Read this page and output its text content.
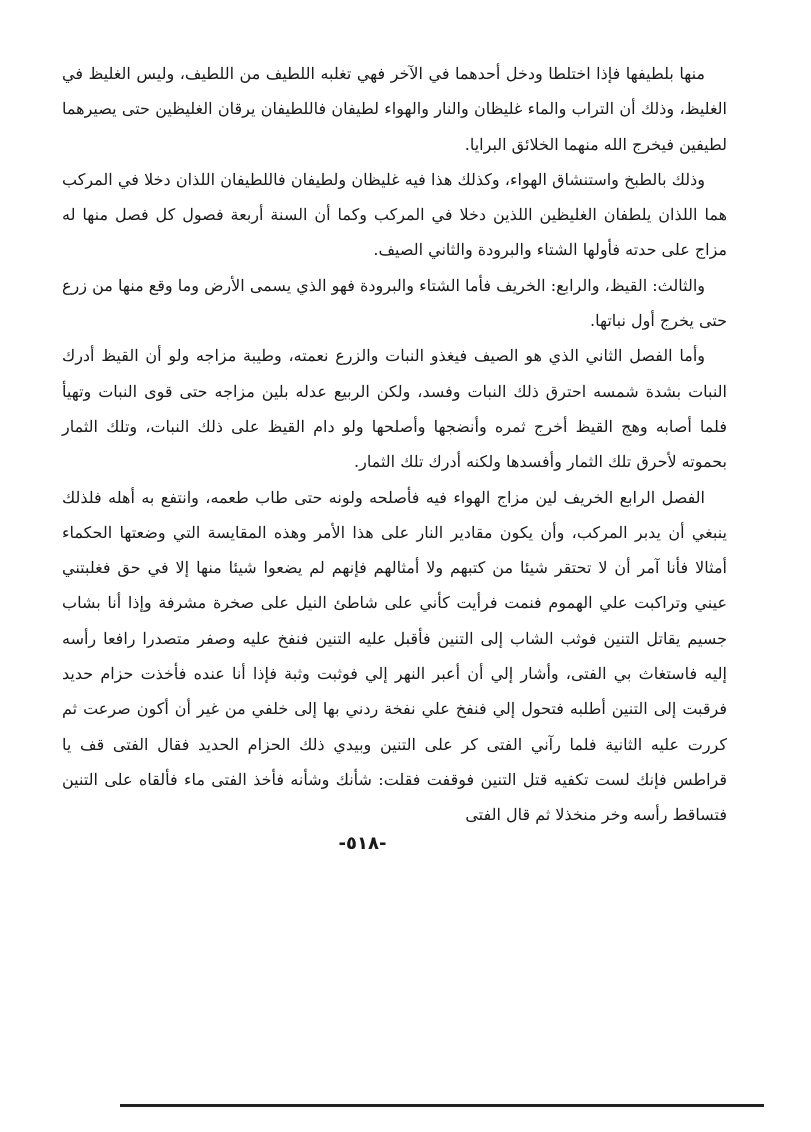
منها بلطيفها فإذا اختلطا ودخل أحدهما في الآخر فهي تغلبه اللطيف من اللطيف، وليس الغليظ في الغليظ، وذلك أن التراب والماء غليظان والنار والهواء لطيفان فاللطيفان يرقان الغليظين حتى يصيرهما لطيفين فيخرج الله منهما الخلائق البرايا.

وذلك بالطبخ واستنشاق الهواء، وكذلك هذا فيه غليظان ولطيفان فاللطيفان اللذان دخلا في المركب هما اللذان يلطفان الغليظين اللذين دخلا في المركب وكما أن السنة أربعة فصول كل فصل منها له مزاج على حدته فأولها الشتاء والبرودة والثاني الصيف.

والثالث: القيظ، والرابع: الخريف فأما الشتاء والبرودة فهو الذي يسمى الأرض وما وقع منها من زرع حتى يخرج أول نباتها.

وأما الفصل الثاني الذي هو الصيف فيغذو النبات والزرع نعمته، وطيبة مزاجه ولو أن القيظ أدرك النبات بشدة شمسه احترق ذلك النبات وفسد، ولكن الربيع عدله بلين مزاجه حتى قوى النبات وتهيأ فلما أصابه وهج القيظ أخرج ثمره وأنضجها وأصلحها ولو دام القيظ على ذلك النبات، وتلك الثمار بحموته لأحرق تلك الثمار وأفسدها ولكنه أدرك تلك الثمار.

الفصل الرابع الخريف لين مزاج الهواء فيه فأصلحه ولونه حتى طاب طعمه، وانتفع به أهله فلذلك ينبغي أن يدبر المركب، وأن يكون مقادير النار على هذا الأمر وهذه المقايسة التي وضعتها الحكماء أمثالا فأنا آمر أن لا تحتقر شيئا من كتبهم ولا أمثالهم فإنهم لم يضعوا شيئا منها إلا في حق فغلبتني عيني وتراكبت علي الهموم فنمت فرأيت كأني على شاطئ النيل على صخرة مشرفة وإذا أنا بشاب جسيم يقاتل التنين فوثب الشاب إلى التنين فأقبل عليه التنين فنفخ عليه وصفر متصدرا رافعا رأسه إليه فاستغاث بي الفتى، وأشار إلي أن أعبر النهر إلي فوثبت وثبة فإذا أنا عنده فأخذت حزام حديد فرقبت إلى التنين أطلبه فتحول إلي فنفخ علي نفخة ردني بها إلى خلفي من غير أن أكون صرعت ثم كررت عليه الثانية فلما رآني الفتى كر على التنين وبيدي ذلك الحزام الحديد فقال الفتى قف يا قراطس فإنك لست تكفيه قتل التنين فوقفت فقلت: شأنك وشأنه فأخذ الفتى ماء فألقاه على التنين فتساقط رأسه وخر منخذلا ثم قال الفتى

-٥١٨-
